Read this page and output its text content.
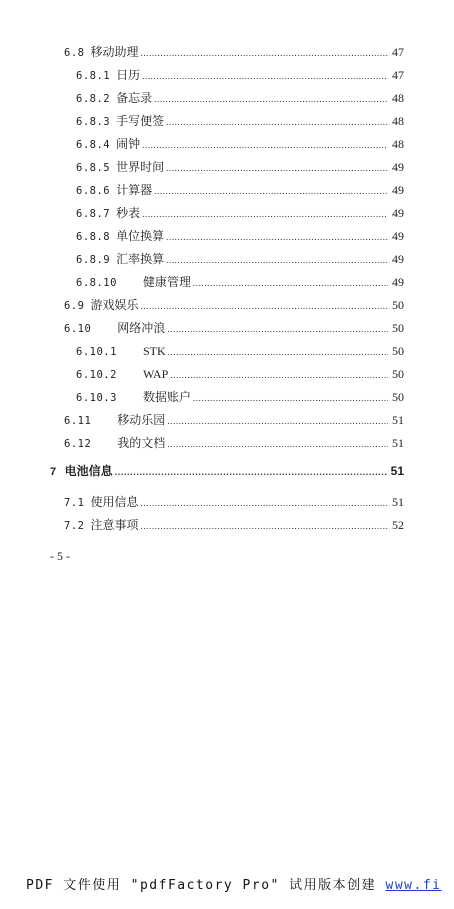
6.8 移动助理 .....	47
6.8.1 日历 .....	47
6.8.2 备忘录 .....	48
6.8.3 手写便签 .....	48
6.8.4 闹钟 .....	48
6.8.5 世界时间 .....	49
6.8.6 计算器 .....	49
6.8.7 秒表 .....	49
6.8.8 单位换算 .....	49
6.8.9 汇率换算 .....	49
6.8.10 健康管理 .....	49
6.9 游戏娱乐 .....	50
6.10 网络冲浪 .....	50
6.10.1 STK .....	50
6.10.2 WAP .....	50
6.10.3 数据账户 .....	50
6.11 移动乐园 .....	51
6.12 我的文档 .....	51
7 电池信息 .....	51
7.1 使用信息 .....	51
7.2 注意事项 .....	52
- 5 -
PDF 文件使用 "pdfFactory Pro" 试用版本创建 www.fi
